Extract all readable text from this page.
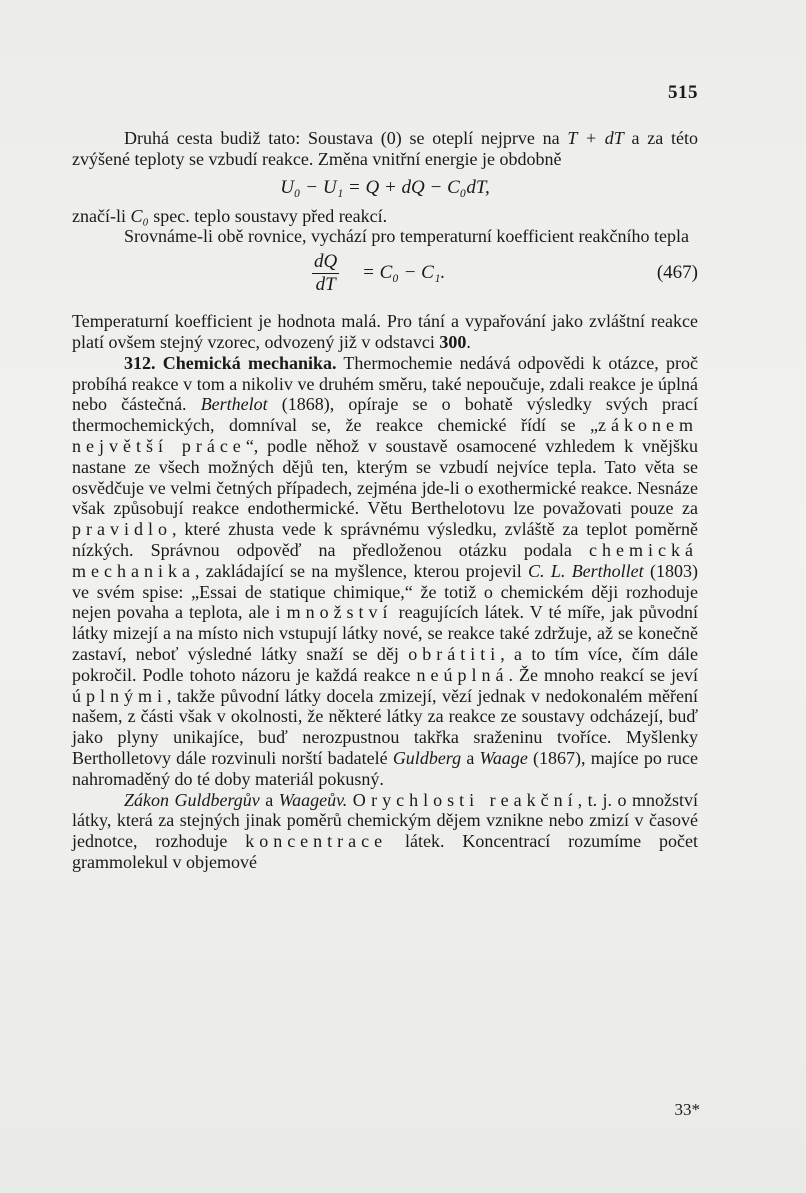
515

Druhá cesta budiž tato: Soustava (0) se oteplí nejprve na T + dT a za této zvýšené teploty se vzbudí reakce. Změna vnitřní energie je obdobně

U₀ − U₁ = Q + dQ − C₀dT,

značí-li C₀ spec. teplo soustavy před reakcí.

Srovnáme-li obě rovnice, vychází pro temperaturní koefficient reakčního tepla

dQ
dT
= C₀ − C₁.	(467)

Temperaturní koefficient je hodnota malá. Pro tání a vypařování jako zvláštní reakce platí ovšem stejný vzorec, odvozený již v odstavci 300.

312. Chemická mechanika. Thermochemie nedává odpovědi k otázce, proč probíhá reakce v tom a nikoliv ve druhém směru, také nepoučuje, zdali reakce je úplná nebo částečná. Berthelot (1868), opíraje se o bohatě výsledky svých prací thermochemických, domníval se, že reakce chemické řídí se „zákonem největší práce“, podle něhož v soustavě osamocené vzhledem k vnějšku nastane ze všech možných dějů ten, kterým se vzbudí nejvíce tepla. Tato věta se osvědčuje ve velmi četných případech, zejména jde-li o exothermické reakce. Nesnáze však způsobují reakce endothermické. Větu Berthelotovu lze považovati pouze za pravidlo, které zhusta vede k správnému výsledku, zvláště za teplot poměrně nízkých. Správnou odpověď na předloženou otázku podala chemická mechanika, zakládající se na myšlence, kterou projevil C. L. Berthollet (1803) ve svém spise: „Essai de statique chimique,“ že totiž o chemickém ději rozhoduje nejen povaha a teplota, ale i množství reagujících látek. V té míře, jak původní látky mizejí a na místo nich vstupují látky nové, se reakce také zdržuje, až se konečně zastaví, neboť výsledné látky snaží se děj obrátiti, a to tím více, čím dále pokročil. Podle tohoto názoru je každá reakce neúplná. Že mnoho reakcí se jeví úplnými, takže původní látky docela zmizejí, vězí jednak v nedokonalém měření našem, z části však v okolnosti, že některé látky za reakce ze soustavy odcházejí, buď jako plyny unikajíce, buď nerozpustnou takřka sraženinu tvoříce. Myšlenky Bertholletovy dále rozvinuli norští badatelé Guldberg a Waage (1867), majíce po ruce nahromaděný do té doby materiál pokusný.

Zákon Guldbergův a Waageův. O rychlosti reakční, t. j. o množství látky, která za stejných jinak poměrů chemickým dějem vznikne nebo zmizí v časové jednotce, rozhoduje koncentrace látek. Koncentrací rozumíme počet grammolekul v objemové

33*
